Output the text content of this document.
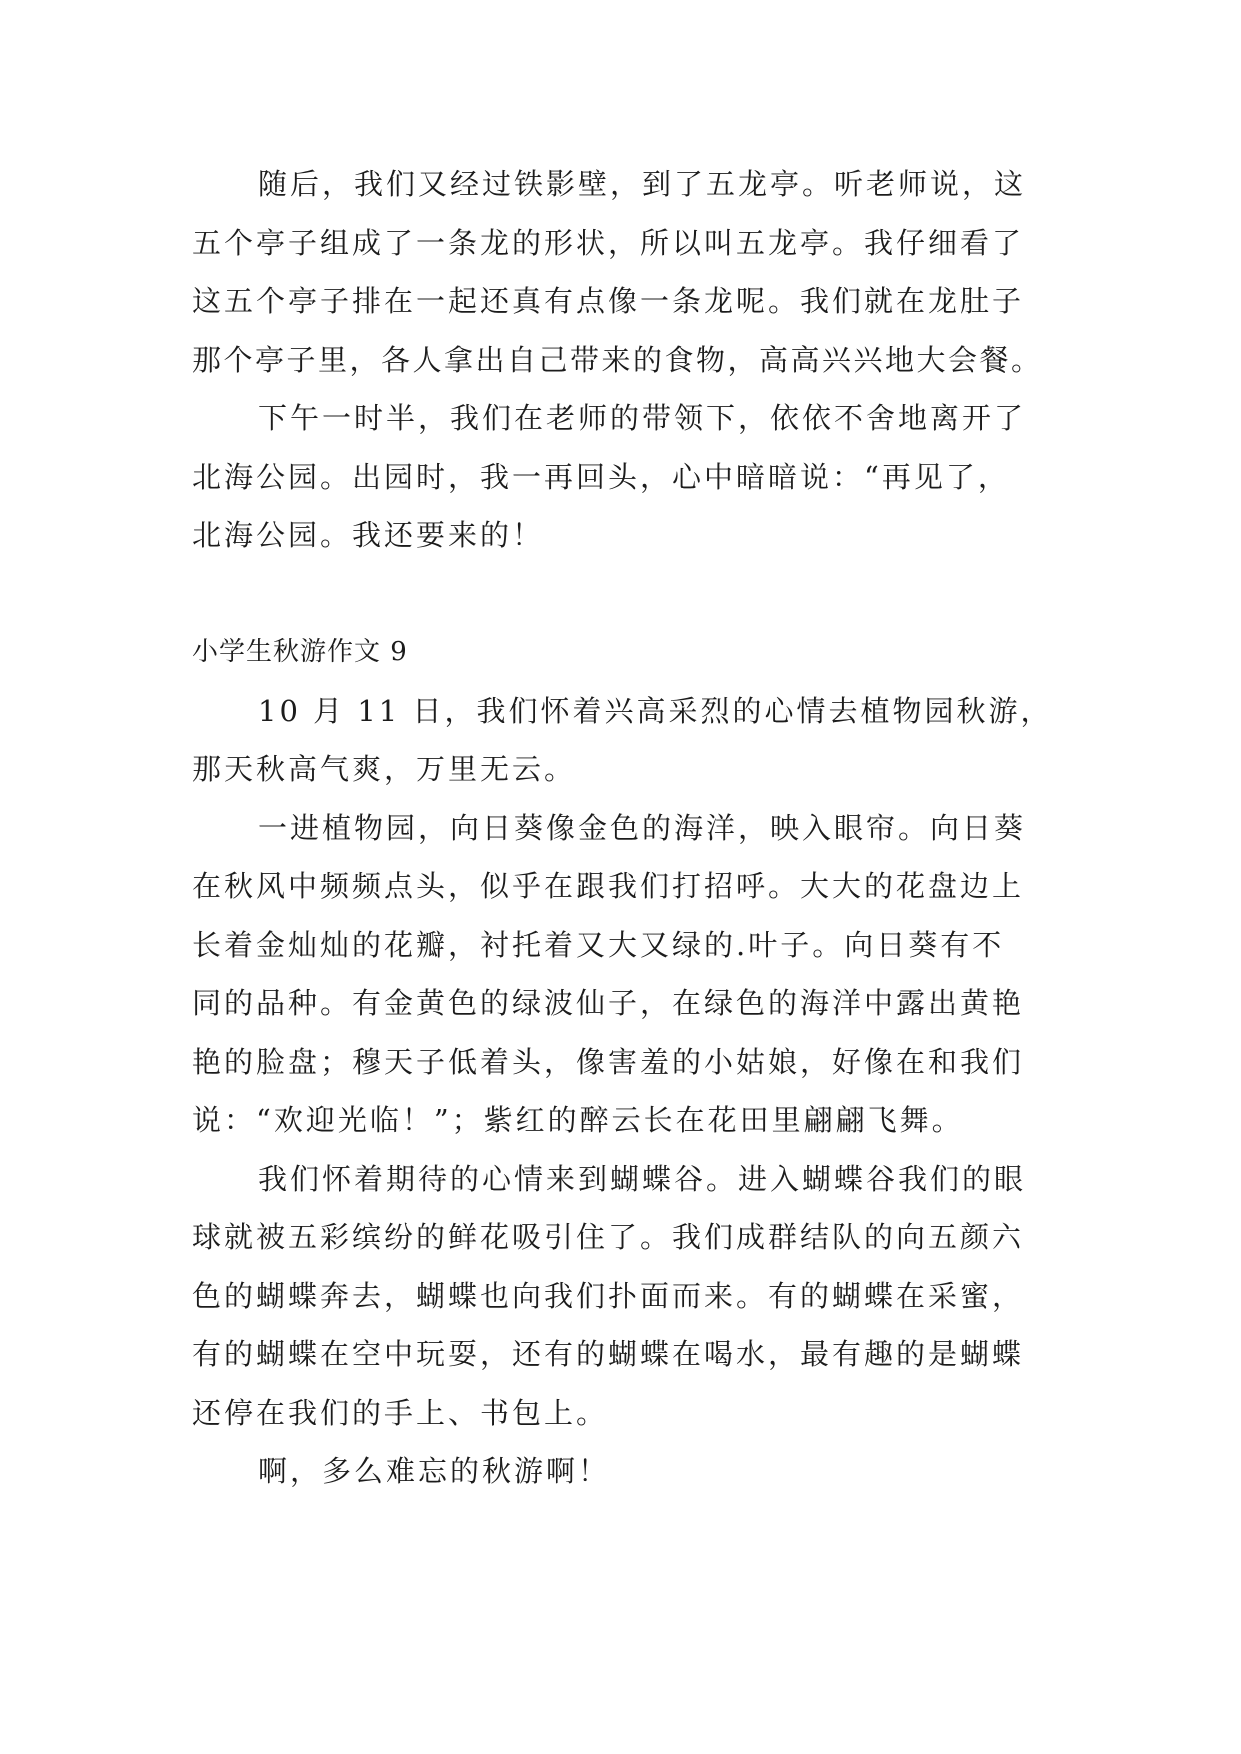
随后，我们又经过铁影壁，到了五龙亭。听老师说，这
五个亭子组成了一条龙的形状，所以叫五龙亭。我仔细看了
这五个亭子排在一起还真有点像一条龙呢。我们就在龙肚子
那个亭子里，各人拿出自己带来的食物，高高兴兴地大会餐。
下午一时半，我们在老师的带领下，依依不舍地离开了
北海公园。出园时，我一再回头，心中暗暗说：“再见了，
北海公园。我还要来的！
小学生秋游作文 9
10 月 11 日，我们怀着兴高采烈的心情去植物园秋游，
那天秋高气爽，万里无云。
一进植物园，向日葵像金色的海洋，映入眼帘。向日葵
在秋风中频频点头，似乎在跟我们打招呼。大大的花盘边上
长着金灿灿的花瓣，衬托着又大又绿的.叶子。向日葵有不
同的品种。有金黄色的绿波仙子，在绿色的海洋中露出黄艳
艳的脸盘；穆天子低着头，像害羞的小姑娘，好像在和我们
说：“欢迎光临！”；紫红的醉云长在花田里翩翩飞舞。
我们怀着期待的心情来到蝴蝶谷。进入蝴蝶谷我们的眼
球就被五彩缤纷的鲜花吸引住了。我们成群结队的向五颜六
色的蝴蝶奔去，蝴蝶也向我们扑面而来。有的蝴蝶在采蜜，
有的蝴蝶在空中玩耍，还有的蝴蝶在喝水，最有趣的是蝴蝶
还停在我们的手上、书包上。
啊，多么难忘的秋游啊！
